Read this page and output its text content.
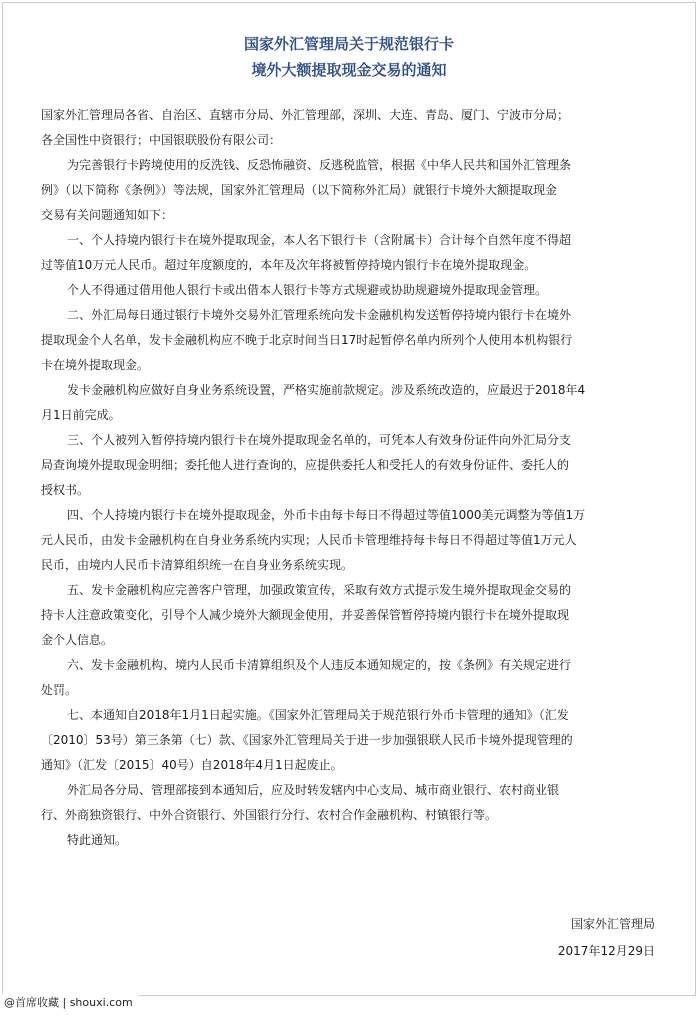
国家外汇管理局关于规范银行卡
境外大额提取现金交易的通知

国家外汇管理局各省、自治区、直辖市分局、外汇管理部，深圳、大连、青岛、厦门、宁波市分局；

各全国性中资银行；中国银联股份有限公司：

为完善银行卡跨境使用的反洗钱、反恐怖融资、反逃税监管，根据《中华人民共和国外汇管理条

例》（以下简称《条例》）等法规，国家外汇管理局（以下简称外汇局）就银行卡境外大额提取现金

交易有关问题通知如下：

一、个人持境内银行卡在境外提取现金，本人名下银行卡（含附属卡）合计每个自然年度不得超

过等值10万元人民币。超过年度额度的，本年及次年将被暂停持境内银行卡在境外提取现金。

个人不得通过借用他人银行卡或出借本人银行卡等方式规避或协助规避境外提取现金管理。

二、外汇局每日通过银行卡境外交易外汇管理系统向发卡金融机构发送暂停持境内银行卡在境外

提取现金个人名单，发卡金融机构应不晚于北京时间当日17时起暂停名单内所列个人使用本机构银行

卡在境外提取现金。

发卡金融机构应做好自身业务系统设置，严格实施前款规定。涉及系统改造的，应最迟于2018年4

月1日前完成。

三、个人被列入暂停持境内银行卡在境外提取现金名单的，可凭本人有效身份证件向外汇局分支

局查询境外提取现金明细；委托他人进行查询的，应提供委托人和受托人的有效身份证件、委托人的

授权书。

四、个人持境内银行卡在境外提取现金，外币卡由每卡每日不得超过等值1000美元调整为等值1万

元人民币，由发卡金融机构在自身业务系统内实现；人民币卡管理维持每卡每日不得超过等值1万元人

民币，由境内人民币卡清算组织统一在自身业务系统实现。

五、发卡金融机构应完善客户管理，加强政策宣传，采取有效方式提示发生境外提取现金交易的

持卡人注意政策变化，引导个人减少境外大额现金使用，并妥善保管暂停持境内银行卡在境外提取现

金个人信息。

六、发卡金融机构、境内人民币卡清算组织及个人违反本通知规定的，按《条例》有关规定进行

处罚。

七、本通知自2018年1月1日起实施。《国家外汇管理局关于规范银行外币卡管理的通知》（汇发

〔2010〕53号）第三条第（七）款、《国家外汇管理局关于进一步加强银联人民币卡境外提现管理的

通知》（汇发〔2015〕40号）自2018年4月1日起废止。

外汇局各分局、管理部接到本通知后，应及时转发辖内中心支局、城市商业银行、农村商业银

行、外商独资银行、中外合资银行、外国银行分行、农村合作金融机构、村镇银行等。

特此通知。

国家外汇管理局
2017年12月29日
@首席收藏 | shouxi.com
